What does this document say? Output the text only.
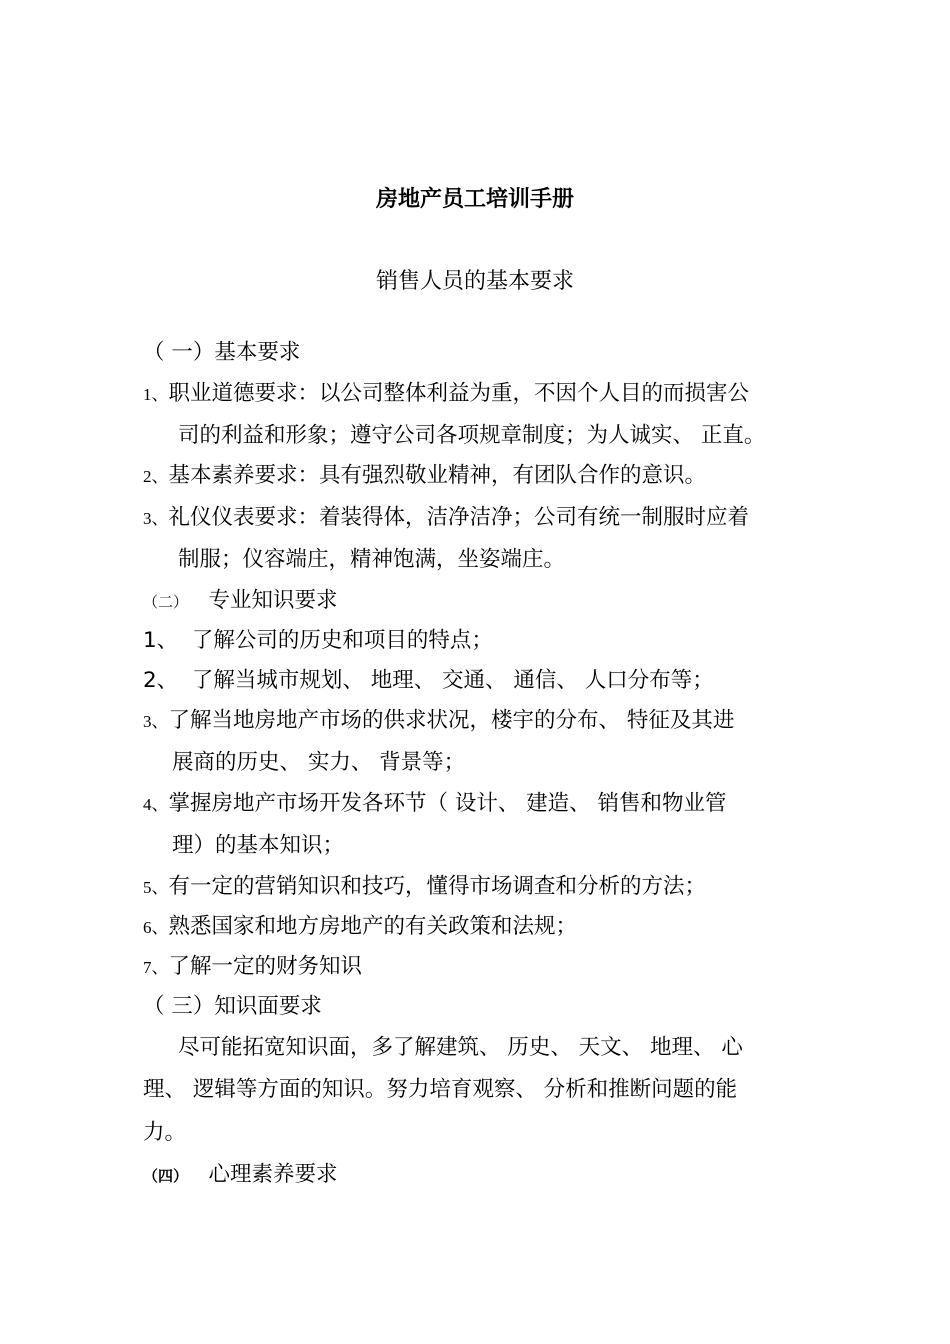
房地产员工培训手册
销售人员的基本要求
（ 一）基本要求
1、职业道德要求：以公司整体利益为重，不因个人目的而损害公
司的利益和形象；遵守公司各项规章制度；为人诚实、 正直。
2、基本素养要求：具有强烈敬业精神，有团队合作的意识。
3、礼仪仪表要求：着装得体，洁净洁净；公司有统一制服时应着
制服；仪容端庄，精神饱满，坐姿端庄。
（二） 专业知识要求
1、 了解公司的历史和项目的特点；
2、 了解当城市规划、 地理、 交通、 通信、 人口分布等；
3、了解当地房地产市场的供求状况，楼宇的分布、 特征及其进
展商的历史、 实力、 背景等；
4、掌握房地产市场开发各环节（ 设计、 建造、 销售和物业管
理）的基本知识；
5、有一定的营销知识和技巧，懂得市场调查和分析的方法；
6、熟悉国家和地方房地产的有关政策和法规；
7、了解一定的财务知识
（ 三）知识面要求
尽可能拓宽知识面，多了解建筑、 历史、 天文、 地理、 心
理、 逻辑等方面的知识。努力培育观察、 分析和推断问题的能
力。
（四） 心理素养要求
